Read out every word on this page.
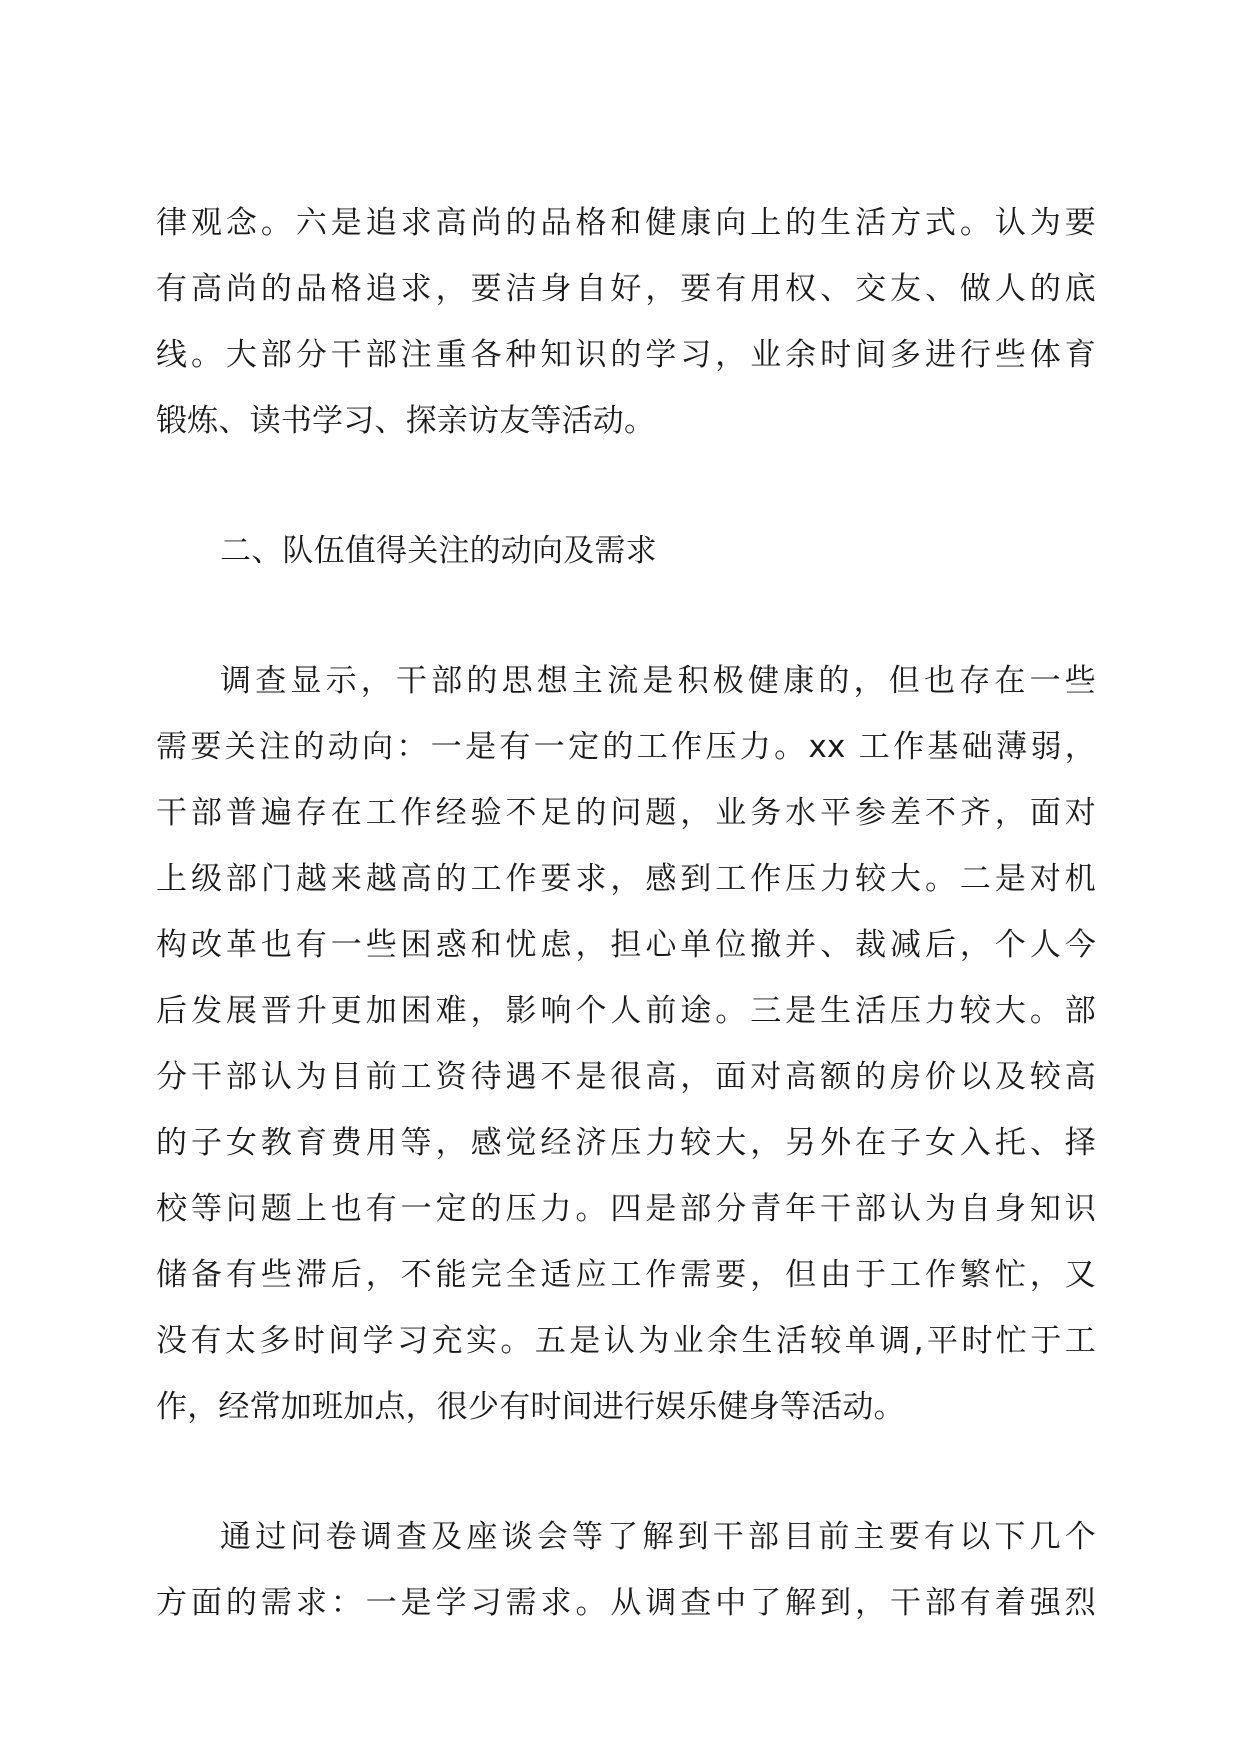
律观念。六是追求高尚的品格和健康向上的生活方式。认为要
有高尚的品格追求，要洁身自好，要有用权、交友、做人的底
线。大部分干部注重各种知识的学习，业余时间多进行些体育
锻炼、读书学习、探亲访友等活动。
二、队伍值得关注的动向及需求
调查显示，干部的思想主流是积极健康的，但也存在一些
需要关注的动向：一是有一定的工作压力。xx 工作基础薄弱，
干部普遍存在工作经验不足的问题，业务水平参差不齐，面对
上级部门越来越高的工作要求，感到工作压力较大。二是对机
构改革也有一些困惑和忧虑，担心单位撤并、裁减后，个人今
后发展晋升更加困难，影响个人前途。三是生活压力较大。部
分干部认为目前工资待遇不是很高，面对高额的房价以及较高
的子女教育费用等，感觉经济压力较大，另外在子女入托、择
校等问题上也有一定的压力。四是部分青年干部认为自身知识
储备有些滞后，不能完全适应工作需要，但由于工作繁忙，又
没有太多时间学习充实。五是认为业余生活较单调,平时忙于工
作，经常加班加点，很少有时间进行娱乐健身等活动。
通过问卷调查及座谈会等了解到干部目前主要有以下几个
方面的需求：一是学习需求。从调查中了解到，干部有着强烈
